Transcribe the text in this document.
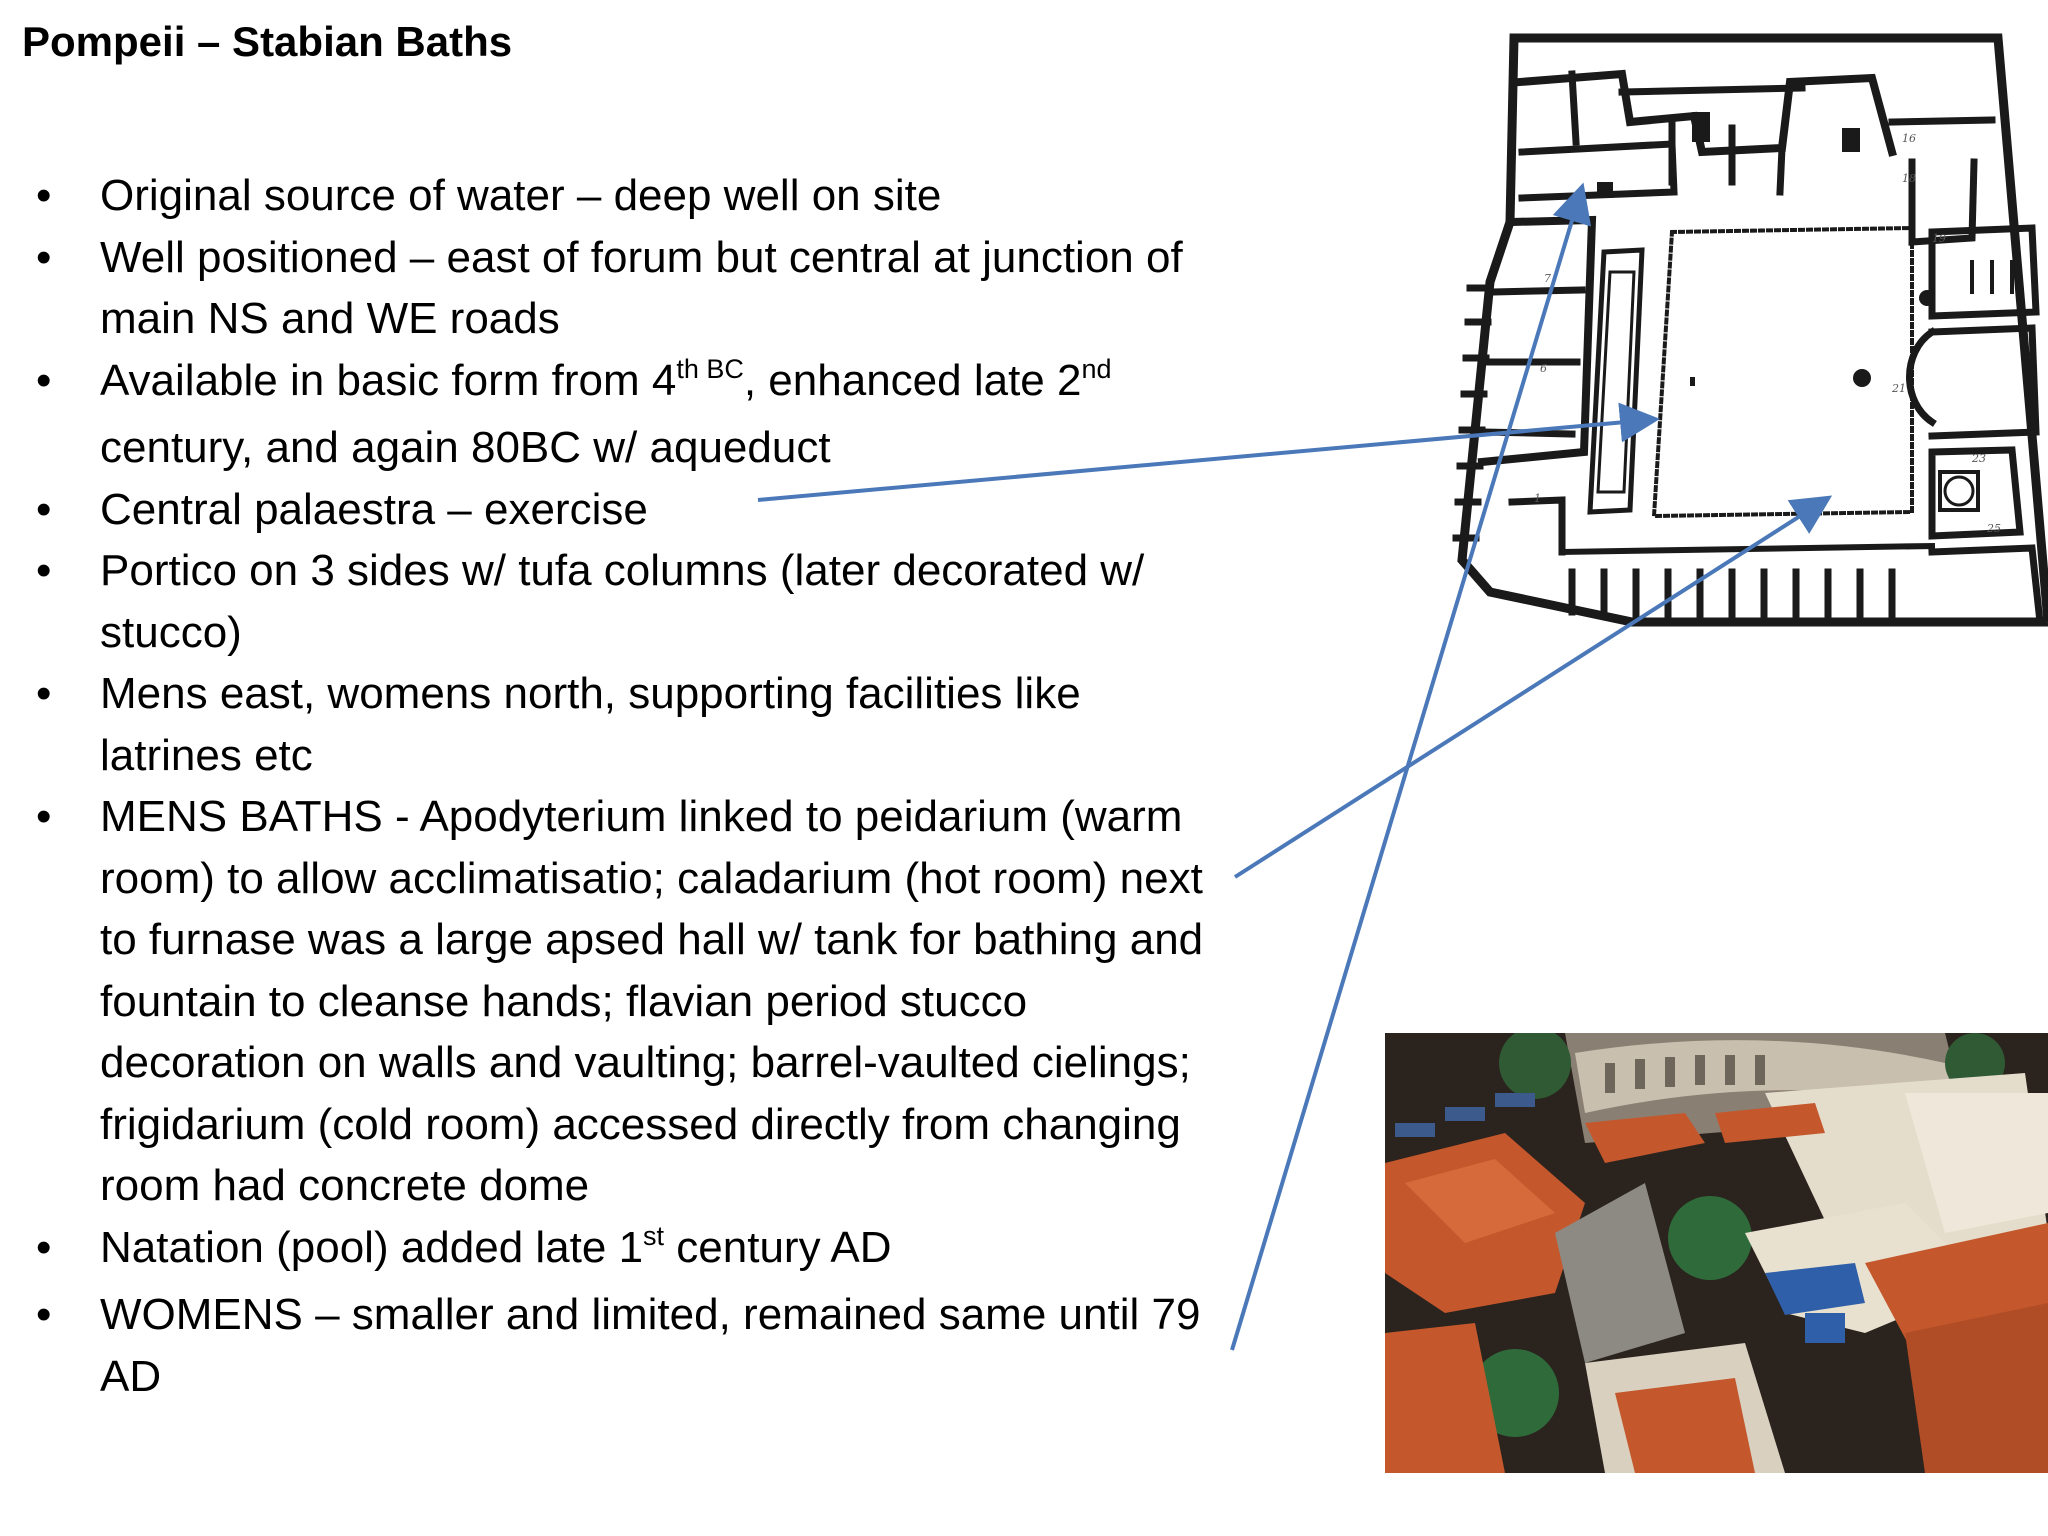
Pompeii – Stabian Baths
•	Original source of water – deep well on site
•	Well positioned – east of forum but central at junction of main NS and WE roads
•	Available in basic form from $4^{th BC}$, enhanced late 2nd century, and again 80BC w/ aqueduct
•	Central palaestra – exercise
•	Portico on 3 sides w/ tufa columns (later decorated w/ stucco)
•	Mens east, womens north, supporting facilities like latrines etc
•	MENS BATHS - Apodyterium linked to peidarium (warm room) to allow acclimatisatio; caladarium (hot room) next to furnase was a large apsed hall w/ tank for bathing and fountain to cleanse hands; flavian period stucco decoration on walls and vaulting; barrel-vaulted cielings; frigidarium (cold room) accessed directly from changing room had concrete dome
•	Natation (pool) added late 1st century AD
•	WOMENS – smaller and limited, remained same until 79 AD
21
23
25
1
6
7
18
19
16
